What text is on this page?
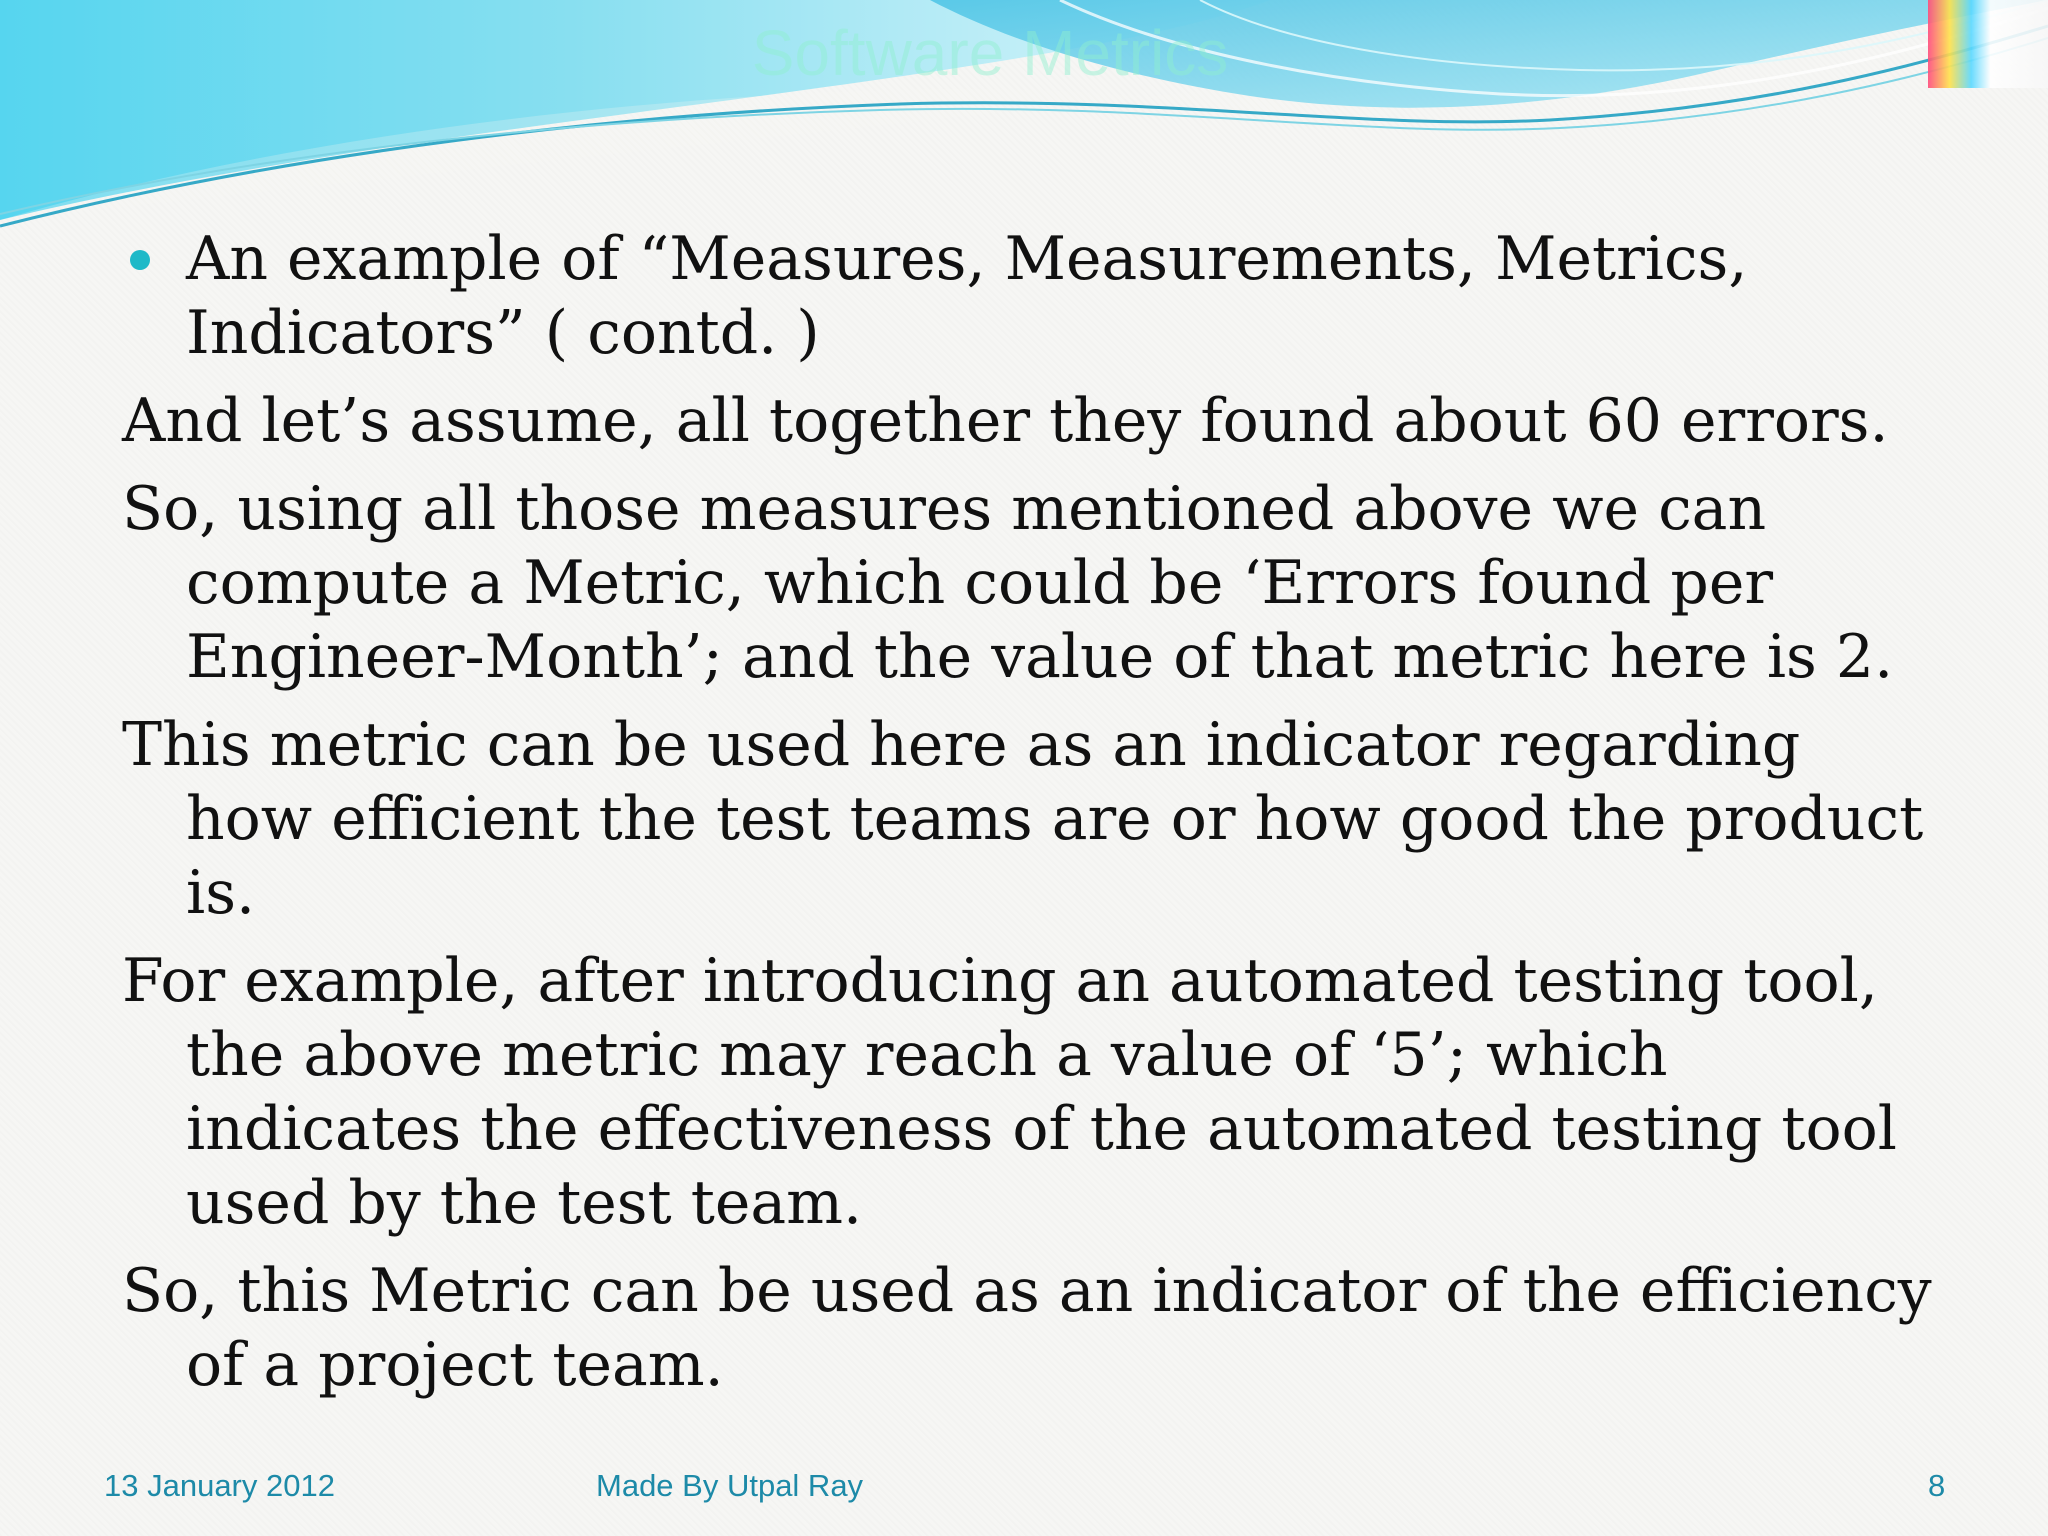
Software Metrics
An example of “Measures, Measurements, Metrics, Indicators” ( contd. )
And let’s assume, all together they found about 60 errors.
So, using all those measures mentioned above we can compute a Metric, which could be ‘Errors found per Engineer-Month’; and the value of that metric here is 2.
This metric can be used here as an indicator regarding how efficient the test teams are or how good the product is.
For example, after introducing an automated testing tool, the above metric may reach a value of ‘5’; which indicates the effectiveness of the automated testing tool used by the test team.
So, this Metric can be used as an indicator of the efficiency of a project team.
13 January 2012	Made By Utpal Ray	8
